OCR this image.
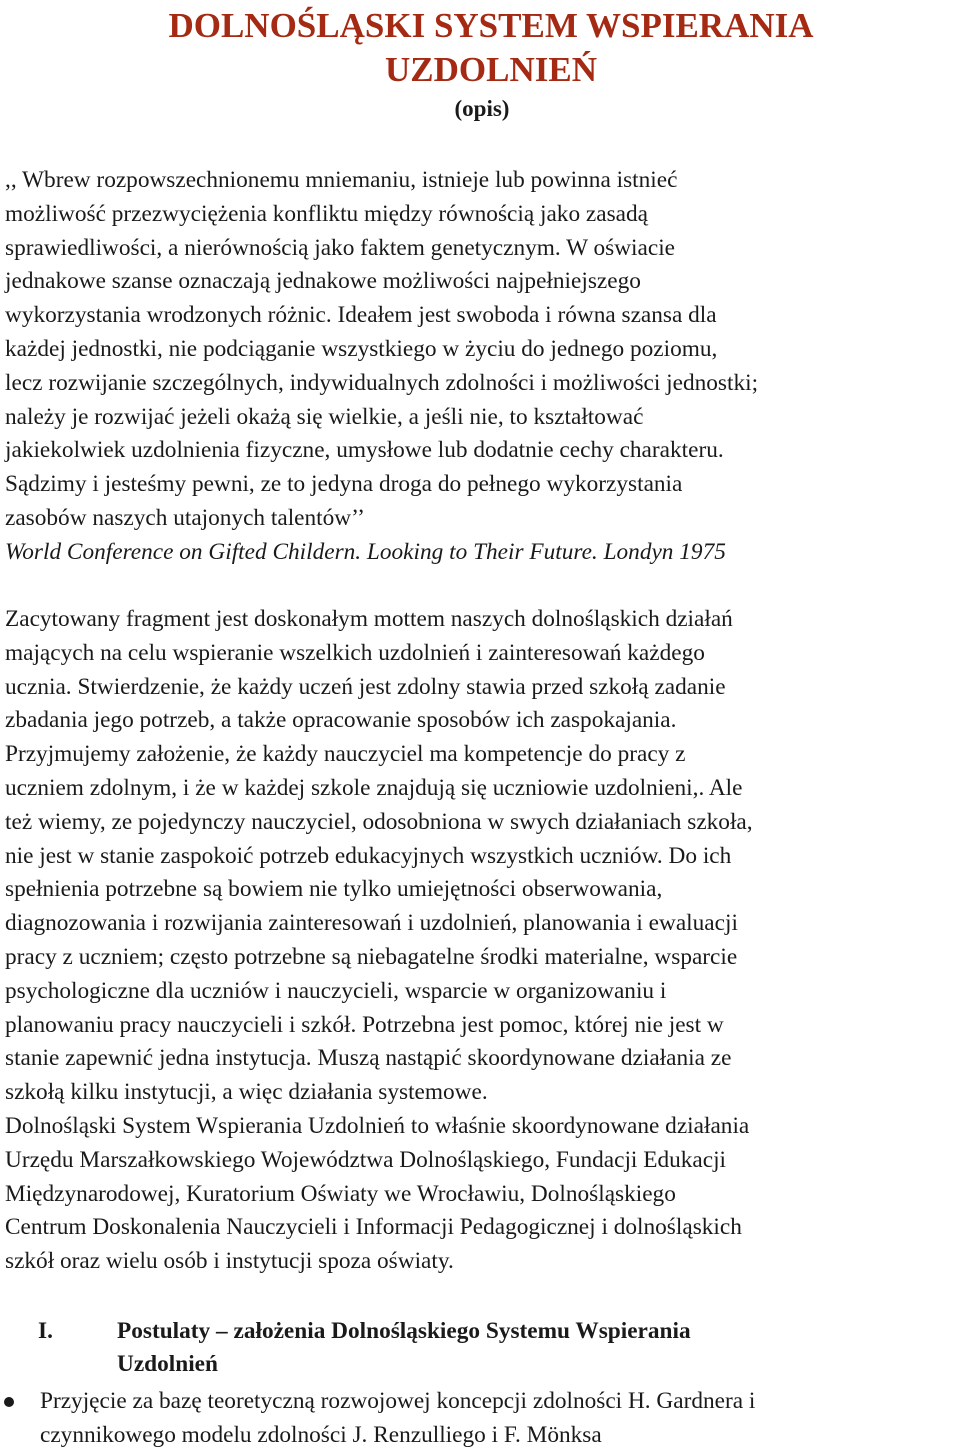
DOLNOŚLĄSKI SYSTEM WSPIERANIA
UZDOLNIEŃ
(opis)

,, Wbrew rozpowszechnionemu mniemaniu, istnieje lub powinna istnieć
możliwość przezwyciężenia konfliktu między równością jako zasadą
sprawiedliwości, a nierównością jako faktem genetycznym. W oświacie
jednakowe szanse oznaczają jednakowe możliwości najpełniejszego
wykorzystania wrodzonych różnic. Ideałem jest swoboda i równa szansa dla
każdej jednostki, nie podciąganie wszystkiego w życiu do jednego poziomu,
lecz rozwijanie szczególnych, indywidualnych zdolności i możliwości jednostki;
należy je rozwijać jeżeli okażą się wielkie, a jeśli nie, to kształtować
jakiekolwiek uzdolnienia fizyczne, umysłowe lub dodatnie cechy charakteru.
Sądzimy i jesteśmy pewni, ze to jedyna droga do pełnego wykorzystania
zasobów naszych utajonych talentów’’
World Conference on Gifted Childern. Looking to Their Future. Londyn 1975

Zacytowany fragment jest doskonałym mottem naszych dolnośląskich działań
mających na celu wspieranie wszelkich uzdolnień i zainteresowań każdego
ucznia. Stwierdzenie, że każdy uczeń jest zdolny stawia przed szkołą zadanie
zbadania jego potrzeb, a także opracowanie sposobów ich zaspokajania.
Przyjmujemy założenie, że każdy nauczyciel ma kompetencje do pracy z
uczniem zdolnym, i że w każdej szkole znajdują się uczniowie uzdolnieni,. Ale
też wiemy, ze pojedynczy nauczyciel, odosobniona w swych działaniach szkoła,
nie jest w stanie zaspokoić potrzeb edukacyjnych wszystkich uczniów. Do ich
spełnienia potrzebne są bowiem nie tylko umiejętności obserwowania,
diagnozowania i rozwijania zainteresowań i uzdolnień, planowania i ewaluacji
pracy z uczniem; często potrzebne są niebagatelne środki materialne, wsparcie
psychologiczne dla uczniów i nauczycieli, wsparcie w organizowaniu i
planowaniu pracy nauczycieli i szkół. Potrzebna jest pomoc, której nie jest w
stanie zapewnić jedna instytucja. Muszą nastąpić skoordynowane działania ze
szkołą kilku instytucji, a więc działania systemowe.
Dolnośląski System Wspierania Uzdolnień to właśnie skoordynowane działania
Urzędu Marszałkowskiego Województwa Dolnośląskiego, Fundacji Edukacji
Międzynarodowej, Kuratorium Oświaty we Wrocławiu, Dolnośląskiego
Centrum Doskonalenia Nauczycieli i Informacji Pedagogicznej i dolnośląskich
szkół oraz wielu osób i instytucji spoza oświaty.

I.	Postulaty – założenia Dolnośląskiego Systemu Wspierania
Uzdolnień
Przyjęcie za bazę teoretyczną rozwojowej koncepcji zdolności H. Gardnera i
czynnikowego modelu zdolności J. Renzulliego i F. Mönksa
